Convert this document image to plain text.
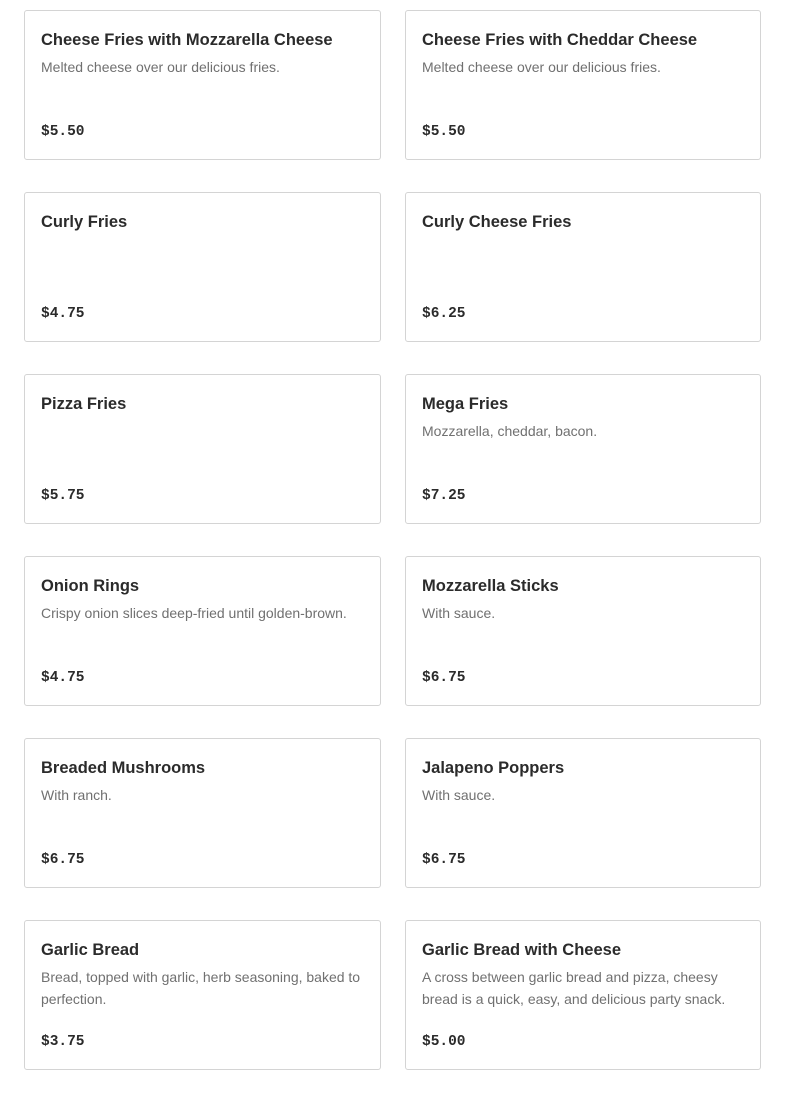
Cheese Fries with Mozzarella Cheese

Melted cheese over our delicious fries.

$5.50

Cheese Fries with Cheddar Cheese

Melted cheese over our delicious fries.

$5.50

Curly Fries

$4.75

Curly Cheese Fries

$6.25

Pizza Fries

$5.75

Mega Fries

Mozzarella, cheddar, bacon.

$7.25

Onion Rings

Crispy onion slices deep-fried until golden-brown.

$4.75

Mozzarella Sticks

With sauce.

$6.75

Breaded Mushrooms

With ranch.

$6.75

Jalapeno Poppers

With sauce.

$6.75

Garlic Bread

Bread, topped with garlic, herb seasoning, baked to perfection.

$3.75

Garlic Bread with Cheese

A cross between garlic bread and pizza, cheesy bread is a quick, easy, and delicious party snack.

$5.00
